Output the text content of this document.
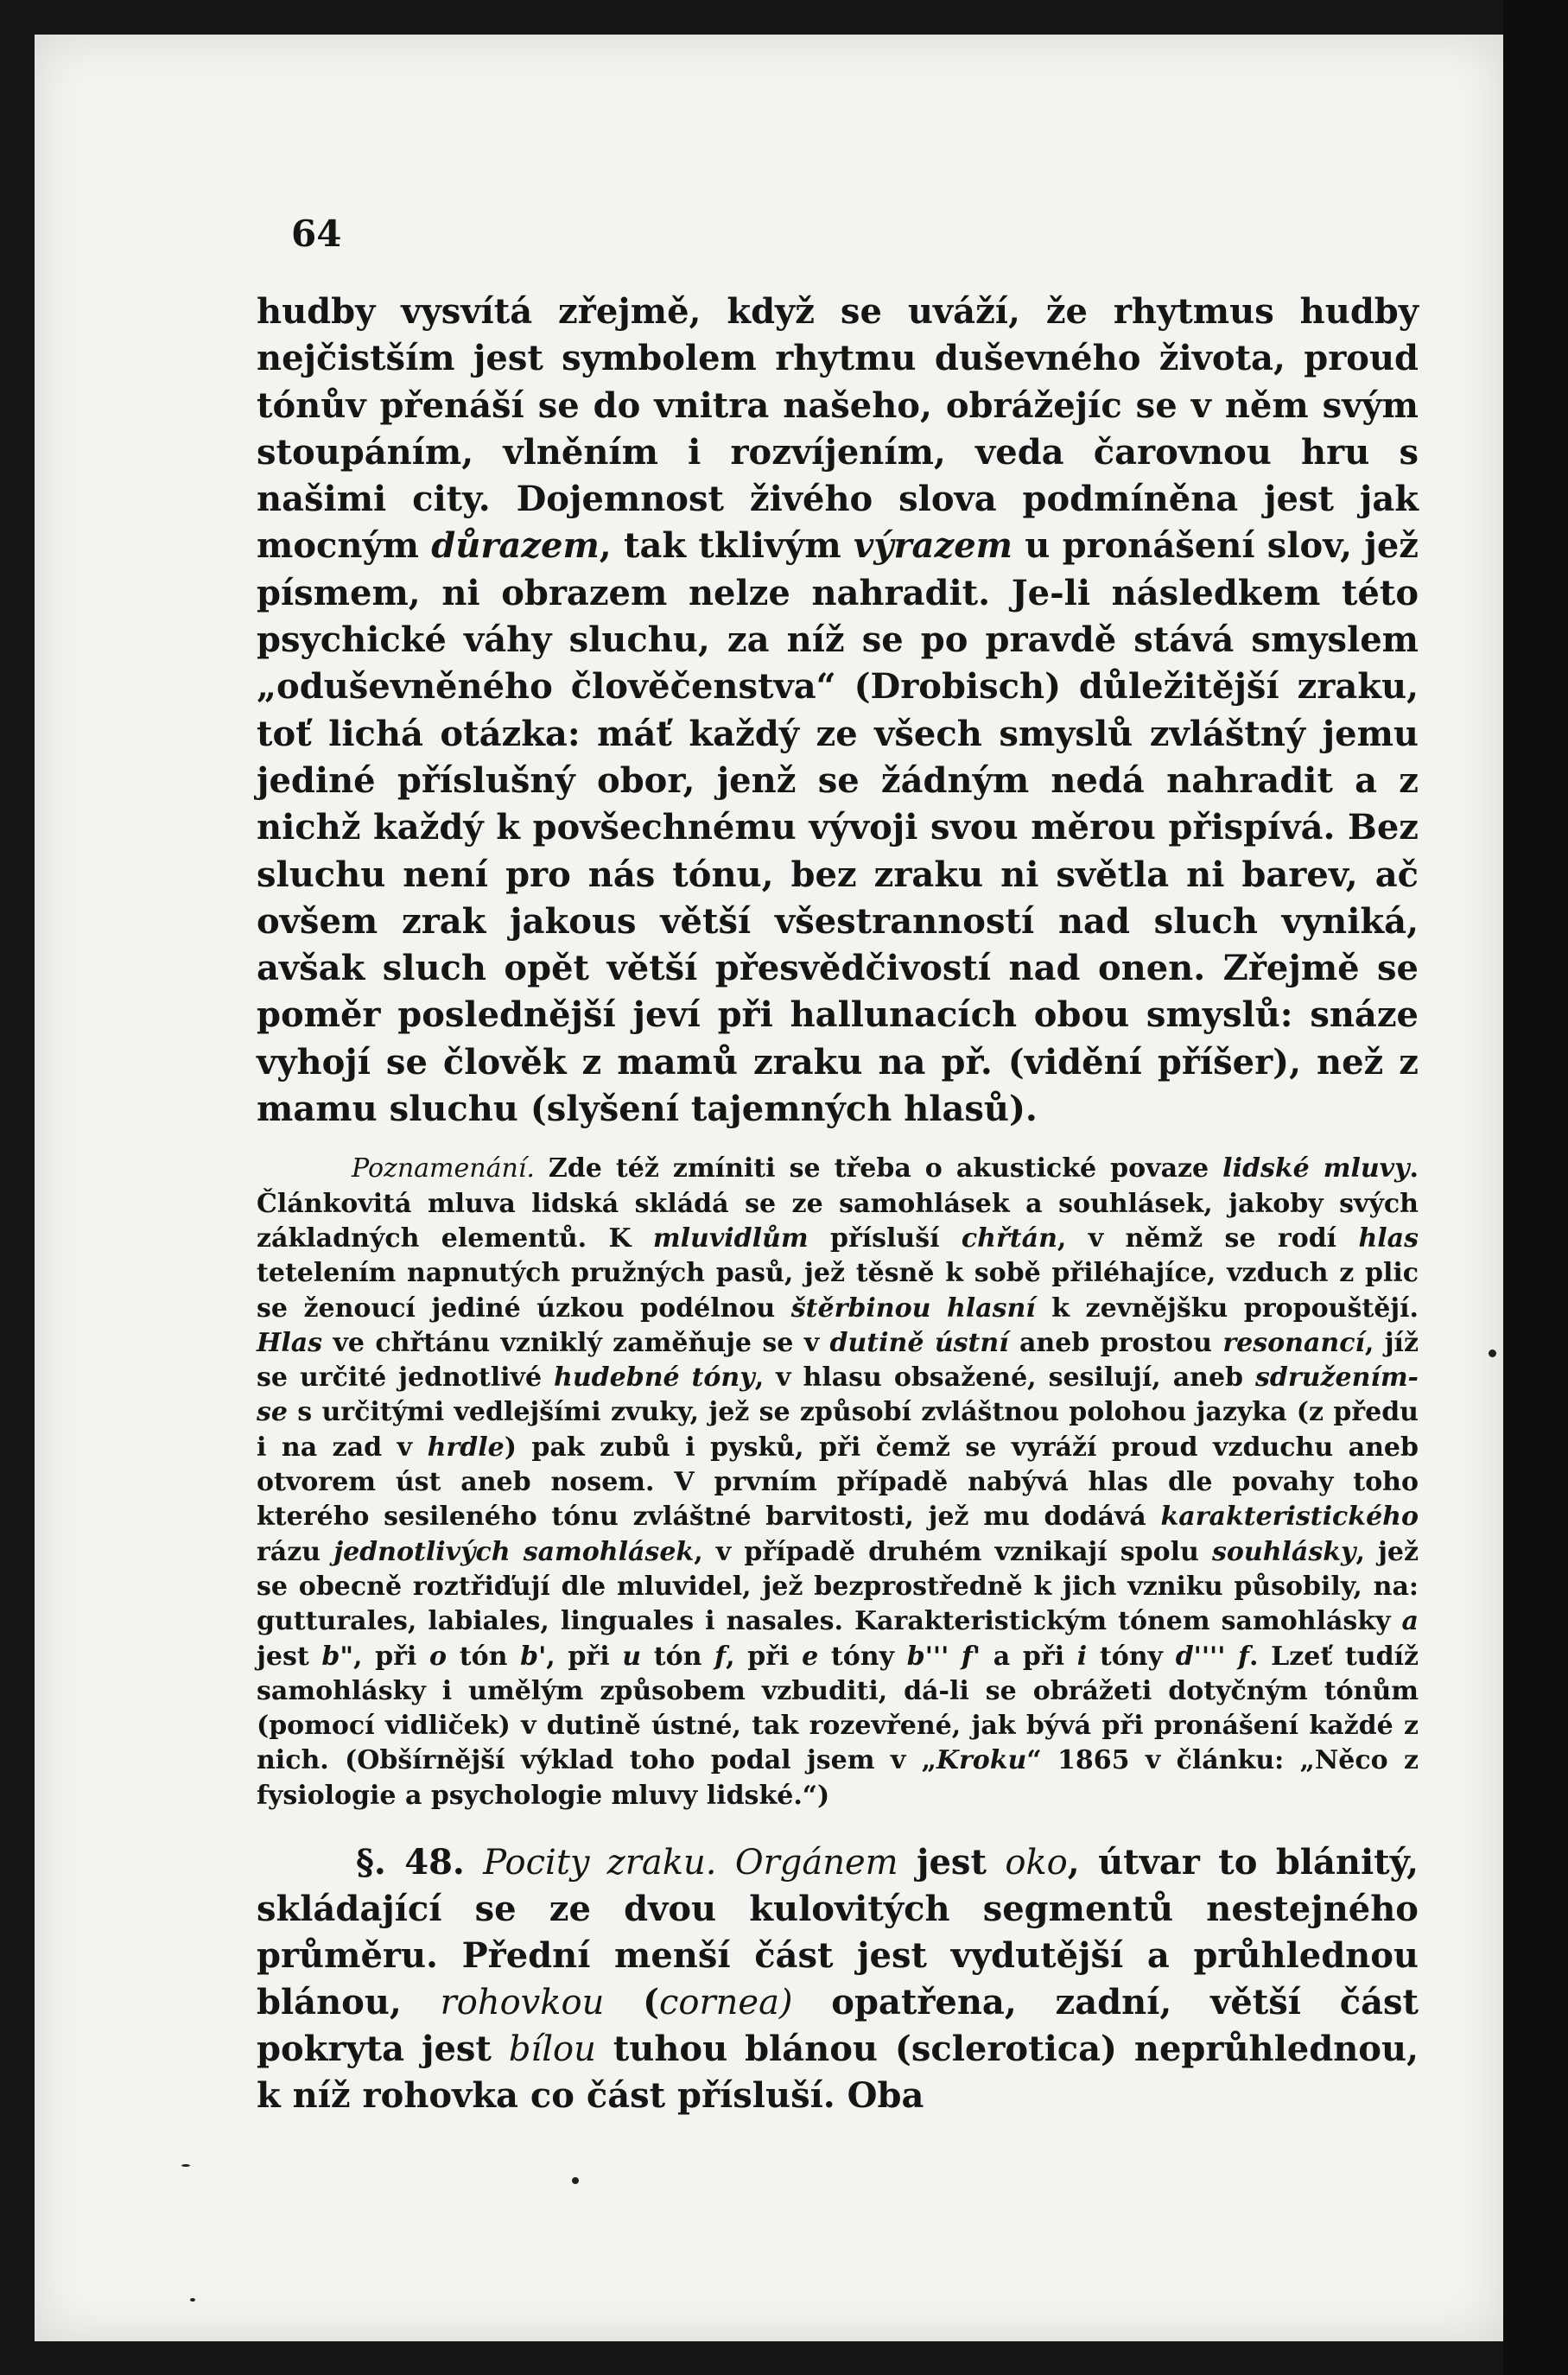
64

hudby vysvítá zřejmě, když se uváží, že rhytmus hudby nejčistším jest symbolem rhytmu duševného života, proud tónův přenáší se do vnitra našeho, obrážejíc se v něm svým stoupáním, vlněním i rozvíjením, veda čarovnou hru s našimi city. Dojemnost živého slova podmíněna jest jak mocným důrazem, tak tklivým výrazem u pronášení slov, jež písmem, ni obrazem nelze nahradit. Je-li následkem této psychické váhy sluchu, za níž se po pravdě stává smyslem „oduševněného člověčenstva“ (Drobisch) důležitější zraku, toť lichá otázka: máť každý ze všech smyslů zvláštný jemu jediné příslušný obor, jenž se žádným nedá nahradit a z nichž každý k povšechnému vývoji svou měrou přispívá. Bez sluchu není pro nás tónu, bez zraku ni světla ni barev, ač ovšem zrak jakous větší všestranností nad sluch vyniká, avšak sluch opět větší přesvědčivostí nad onen. Zřejmě se poměr poslednější jeví při hallunacích obou smyslů: snáze vyhojí se člověk z mamů zraku na př. (vidění příšer), než z mamu sluchu (slyšení tajemných hlasů).

Poznamenání. Zde též zmíniti se třeba o akustické povaze lidské mluvy. Článkovitá mluva lidská skládá se ze samohlásek a souhlásek, jakoby svých základných elementů. K mluvidlům přísluší chřtán, v němž se rodí hlas tetelením napnutých pružných pasů, jež těsně k sobě přiléhajíce, vzduch z plic se ženoucí jediné úzkou podélnou štěrbinou hlasní k zevnějšku propouštějí. Hlas ve chřtánu vzniklý zaměňuje se v dutině ústní aneb prostou resonancí, jíž se určité jednotlivé hudebné tóny, v hlasu obsažené, sesilují, aneb sdružením-se s určitými vedlejšími zvuky, jež se způsobí zvláštnou polohou jazyka (z předu i na zad v hrdle) pak zubů i pysků, při čemž se vyráží proud vzduchu aneb otvorem úst aneb nosem. V prvním případě nabývá hlas dle povahy toho kterého sesileného tónu zvláštné barvitosti, jež mu dodává karakteristického rázu jednotlivých samohlásek, v případě druhém vznikají spolu souhlásky, jež se obecně roztřiďují dle mluvidel, jež bezprostředně k jich vzniku působily, na: gutturales, labiales, linguales i nasales. Karakteristickým tónem samohlásky a jest b", při o tón b', při u tón f, při e tóny b''' f' a při i tóny d'''' f. Lzeť tudíž samohlásky i umělým způsobem vzbuditi, dá-li se obrážeti dotyčným tónům (pomocí vidliček) v dutině ústné, tak rozevřené, jak bývá při pronášení každé z nich. (Obšírnější výklad toho podal jsem v „Kroku“ 1865 v článku: „Něco z fysiologie a psychologie mluvy lidské.“)

§. 48. Pocity zraku. Orgánem jest oko, útvar to blánitý, skládající se ze dvou kulovitých segmentů nestejného průměru. Přední menší část jest vydutější a průhlednou blánou, rohovkou (cornea) opatřena, zadní, větší část pokryta jest bílou tuhou blánou (sclerotica) neprůhlednou, k níž rohovka co část přísluší. Oba
